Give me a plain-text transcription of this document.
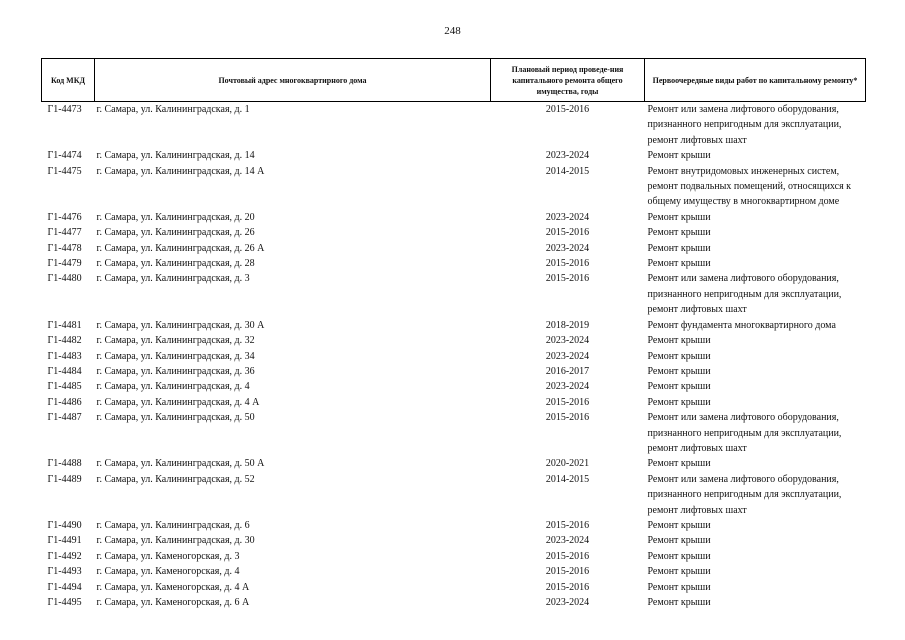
248
Код МКД	Почтовый адрес многоквартирного дома	Плановый период проведе-ния капитального ремонта общего имущества, годы	Первоочередные виды работ по капитальному ремонту*
Г1-4473	г. Самара, ул. Калининградская, д. 1	2015-2016	Ремонт или замена лифтового оборудования, признанного непригодным для эксплуатации, ремонт лифтовых шахт
Г1-4474	г. Самара, ул. Калининградская, д. 14	2023-2024	Ремонт крыши
Г1-4475	г. Самара, ул. Калининградская, д. 14 А	2014-2015	Ремонт внутридомовых инженерных систем, ремонт подвальных помещений, относящихся к общему имуществу в многоквартирном доме
Г1-4476	г. Самара, ул. Калининградская, д. 20	2023-2024	Ремонт крыши
Г1-4477	г. Самара, ул. Калининградская, д. 26	2015-2016	Ремонт крыши
Г1-4478	г. Самара, ул. Калининградская, д. 26 А	2023-2024	Ремонт крыши
Г1-4479	г. Самара, ул. Калининградская, д. 28	2015-2016	Ремонт крыши
Г1-4480	г. Самара, ул. Калининградская, д. 3	2015-2016	Ремонт или замена лифтового оборудования, признанного непригодным для эксплуатации, ремонт лифтовых шахт
Г1-4481	г. Самара, ул. Калининградская, д. 30 А	2018-2019	Ремонт фундамента многоквартирного дома
Г1-4482	г. Самара, ул. Калининградская, д. 32	2023-2024	Ремонт крыши
Г1-4483	г. Самара, ул. Калининградская, д. 34	2023-2024	Ремонт крыши
Г1-4484	г. Самара, ул. Калининградская, д. 36	2016-2017	Ремонт крыши
Г1-4485	г. Самара, ул. Калининградская, д. 4	2023-2024	Ремонт крыши
Г1-4486	г. Самара, ул. Калининградская, д. 4 А	2015-2016	Ремонт крыши
Г1-4487	г. Самара, ул. Калининградская, д. 50	2015-2016	Ремонт или замена лифтового оборудования, признанного непригодным для эксплуатации, ремонт лифтовых шахт
Г1-4488	г. Самара, ул. Калининградская, д. 50 А	2020-2021	Ремонт крыши
Г1-4489	г. Самара, ул. Калининградская, д. 52	2014-2015	Ремонт или замена лифтового оборудования, признанного непригодным для эксплуатации, ремонт лифтовых шахт
Г1-4490	г. Самара, ул. Калининградская, д. 6	2015-2016	Ремонт крыши
Г1-4491	г. Самара, ул. Калининградская, д. 30	2023-2024	Ремонт крыши
Г1-4492	г. Самара, ул. Каменогорская, д. 3	2015-2016	Ремонт крыши
Г1-4493	г. Самара, ул. Каменогорская, д. 4	2015-2016	Ремонт крыши
Г1-4494	г. Самара, ул. Каменогорская, д. 4 А	2015-2016	Ремонт крыши
Г1-4495	г. Самара, ул. Каменогорская, д. 6 А	2023-2024	Ремонт крыши
